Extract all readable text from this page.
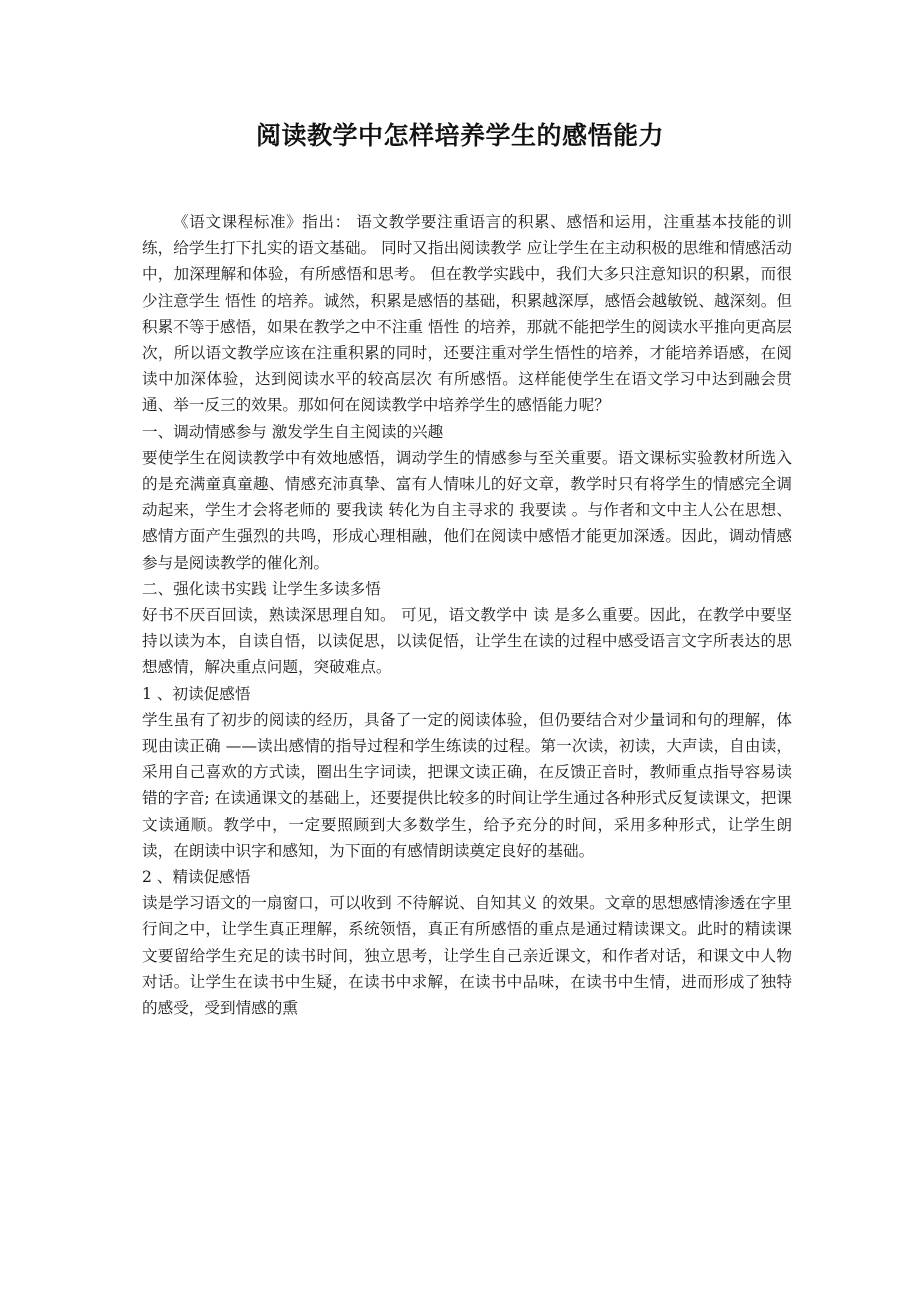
阅读教学中怎样培养学生的感悟能力

《语文课程标准》指出： 语文教学要注重语言的积累、感悟和运用，注重基本技能的训练，给学生打下扎实的语文基础。 同时又指出阅读教学 应让学生在主动积极的思维和情感活动中，加深理解和体验，有所感悟和思考。 但在教学实践中，我们大多只注意知识的积累，而很少注意学生 悟性 的培养。诚然，积累是感悟的基础，积累越深厚，感悟会越敏锐、越深刻。但积累不等于感悟，如果在教学之中不注重 悟性 的培养，那就不能把学生的阅读水平推向更高层次，所以语文教学应该在注重积累的同时，还要注重对学生悟性的培养，才能培养语感，在阅读中加深体验，达到阅读水平的较高层次 有所感悟。这样能使学生在语文学习中达到融会贯通、举一反三的效果。那如何在阅读教学中培养学生的感悟能力呢？

一、调动情感参与 激发学生自主阅读的兴趣

要使学生在阅读教学中有效地感悟，调动学生的情感参与至关重要。语文课标实验教材所选入的是充满童真童趣、情感充沛真挚、富有人情味儿的好文章，教学时只有将学生的情感完全调动起来，学生才会将老师的 要我读 转化为自主寻求的 我要读 。与作者和文中主人公在思想、感情方面产生强烈的共鸣，形成心理相融，他们在阅读中感悟才能更加深透。因此，调动情感参与是阅读教学的催化剂。

二、强化读书实践 让学生多读多悟

好书不厌百回读，熟读深思理自知。 可见，语文教学中 读 是多么重要。因此，在教学中要坚持以读为本，自读自悟，以读促思，以读促悟，让学生在读的过程中感受语言文字所表达的思想感情，解决重点问题，突破难点。

1 、初读促感悟

学生虽有了初步的阅读的经历，具备了一定的阅读体验，但仍要结合对少量词和句的理解，体现由读正确 ——读出感情的指导过程和学生练读的过程。第一次读，初读，大声读，自由读，采用自己喜欢的方式读，圈出生字词读，把课文读正确，在反馈正音时，教师重点指导容易读错的字音; 在读通课文的基础上，还要提供比较多的时间让学生通过各种形式反复读课文，把课文读通顺。教学中，一定要照顾到大多数学生，给予充分的时间，采用多种形式，让学生朗读，在朗读中识字和感知，为下面的有感情朗读奠定良好的基础。

2 、精读促感悟

读是学习语文的一扇窗口，可以收到 不待解说、自知其义 的效果。文章的思想感情渗透在字里行间之中，让学生真正理解，系统领悟，真正有所感悟的重点是通过精读课文。此时的精读课文要留给学生充足的读书时间，独立思考，让学生自己亲近课文，和作者对话，和课文中人物对话。让学生在读书中生疑，在读书中求解，在读书中品味，在读书中生情，进而形成了独特的感受，受到情感的熏
